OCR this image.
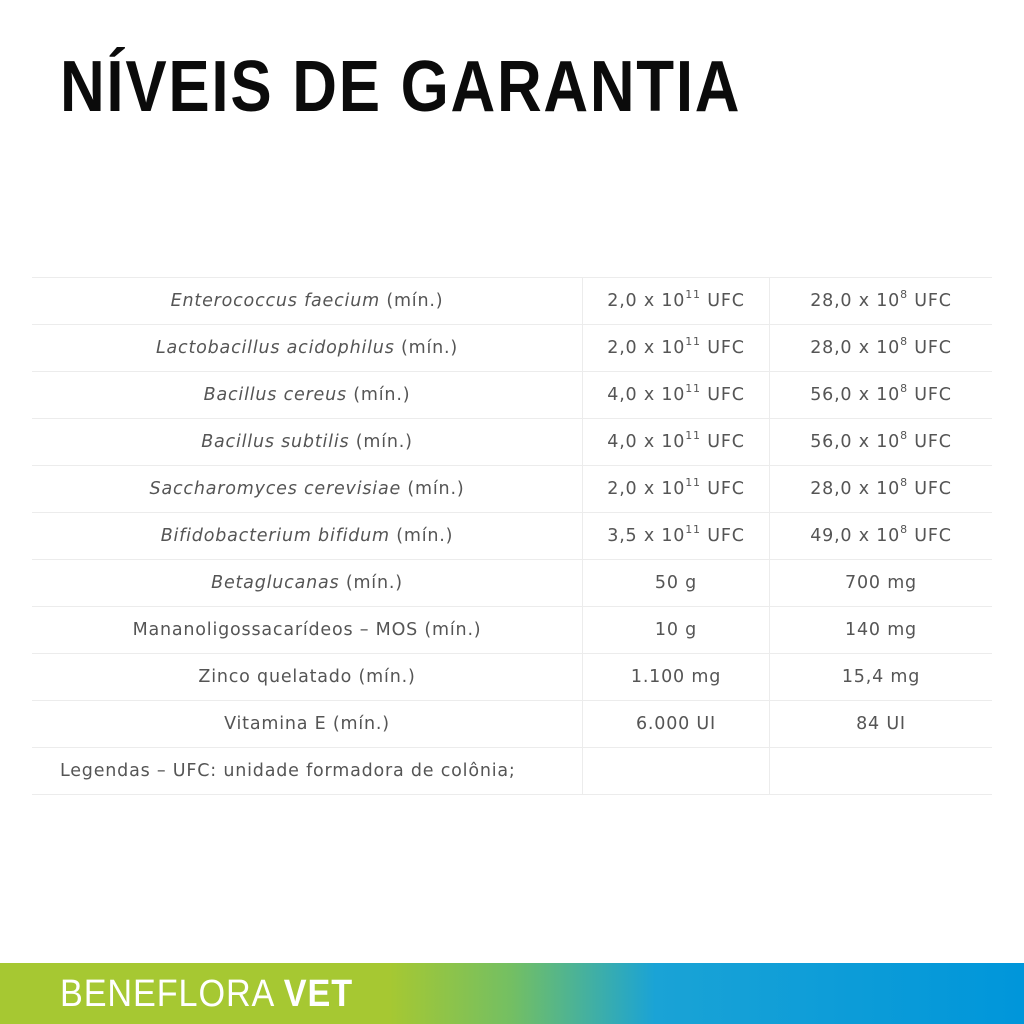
NÍVEIS DE GARANTIA
Enterococcus faecium (mín.)	2,0 x $10^{11}$ UFC	28,0 x $10^8$ UFC
Lactobacillus acidophilus (mín.)	2,0 x $10^{11}$ UFC	28,0 x $10^8$ UFC
Bacillus cereus (mín.)	4,0 x $10^{11}$ UFC	56,0 x $10^8$ UFC
Bacillus subtilis (mín.)	4,0 x $10^{11}$ UFC	56,0 x $10^8$ UFC
Saccharomyces cerevisiae (mín.)	2,0 x $10^{11}$ UFC	28,0 x $10^8$ UFC
Bifidobacterium bifidum (mín.)	3,5 x $10^{11}$ UFC	49,0 x $10^8$ UFC
Betaglucanas (mín.)	50 g	700 mg
Mananoligossacarídeos – MOS (mín.)	10 g	140 mg
Zinco quelatado (mín.)	1.100 mg	15,4 mg
Vitamina E (mín.)	6.000 UI	84 UI
Legendas – UFC: unidade formadora de colônia;		
BENEFLORA VET
